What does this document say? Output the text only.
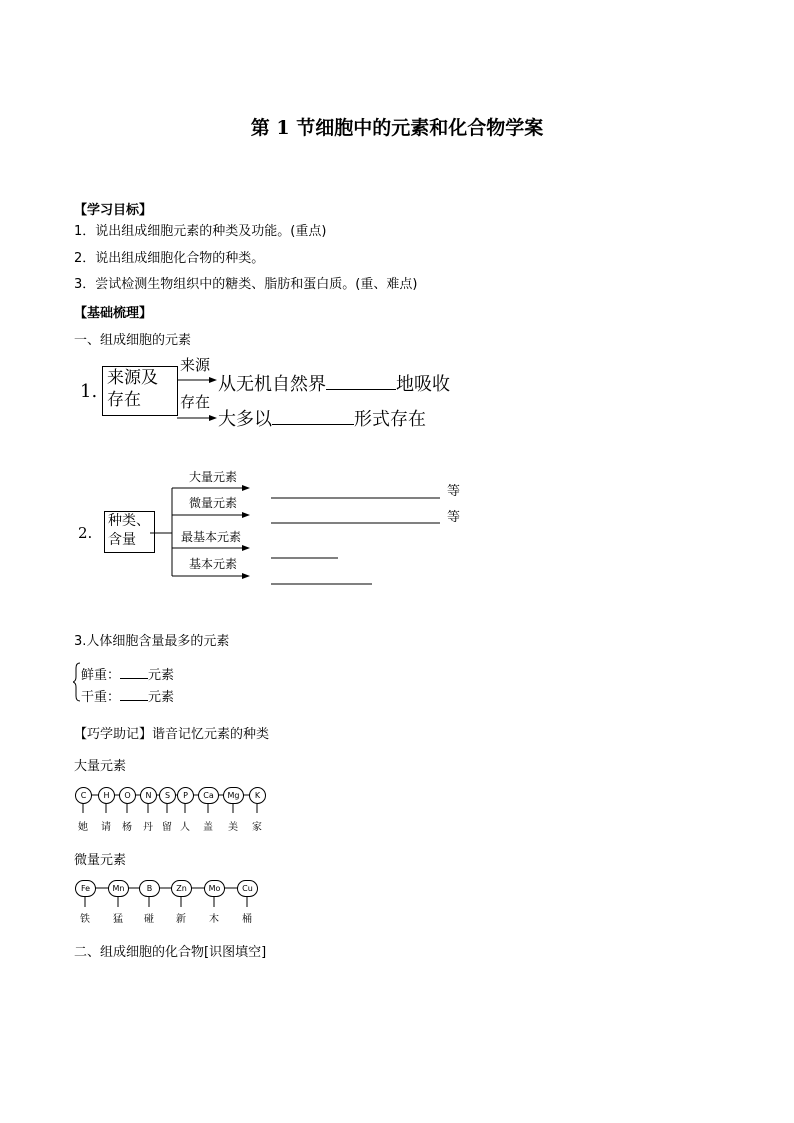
第 1 节细胞中的元素和化合物学案
【学习目标】
1．说出组成细胞元素的种类及功能。(重点)
2．说出组成细胞化合物的种类。
3．尝试检测生物组织中的糖类、脂肪和蛋白质。(重、难点)
【基础梳理】
一、组成细胞的元素
1.
来源及
存在
来源
从无机自然界	地吸收
存在
大多以	形式存在
2.
种类、
含量
大量元素
微量元素
最基本元素
基本元素
等
等
3.人体细胞含量最多的元素
鲜重： 元素
干重： 元素
【巧学助记】谐音记忆元素的种类
大量元素
C	H	O	N	S	P	Ca	Mg	K
她 请 杨 丹 留 人 盖 美 家
微量元素
Fe	Mn	B	Zn	Mo	Cu
铁 猛 碰 新 木 桶
二、组成细胞的化合物[识图填空]
